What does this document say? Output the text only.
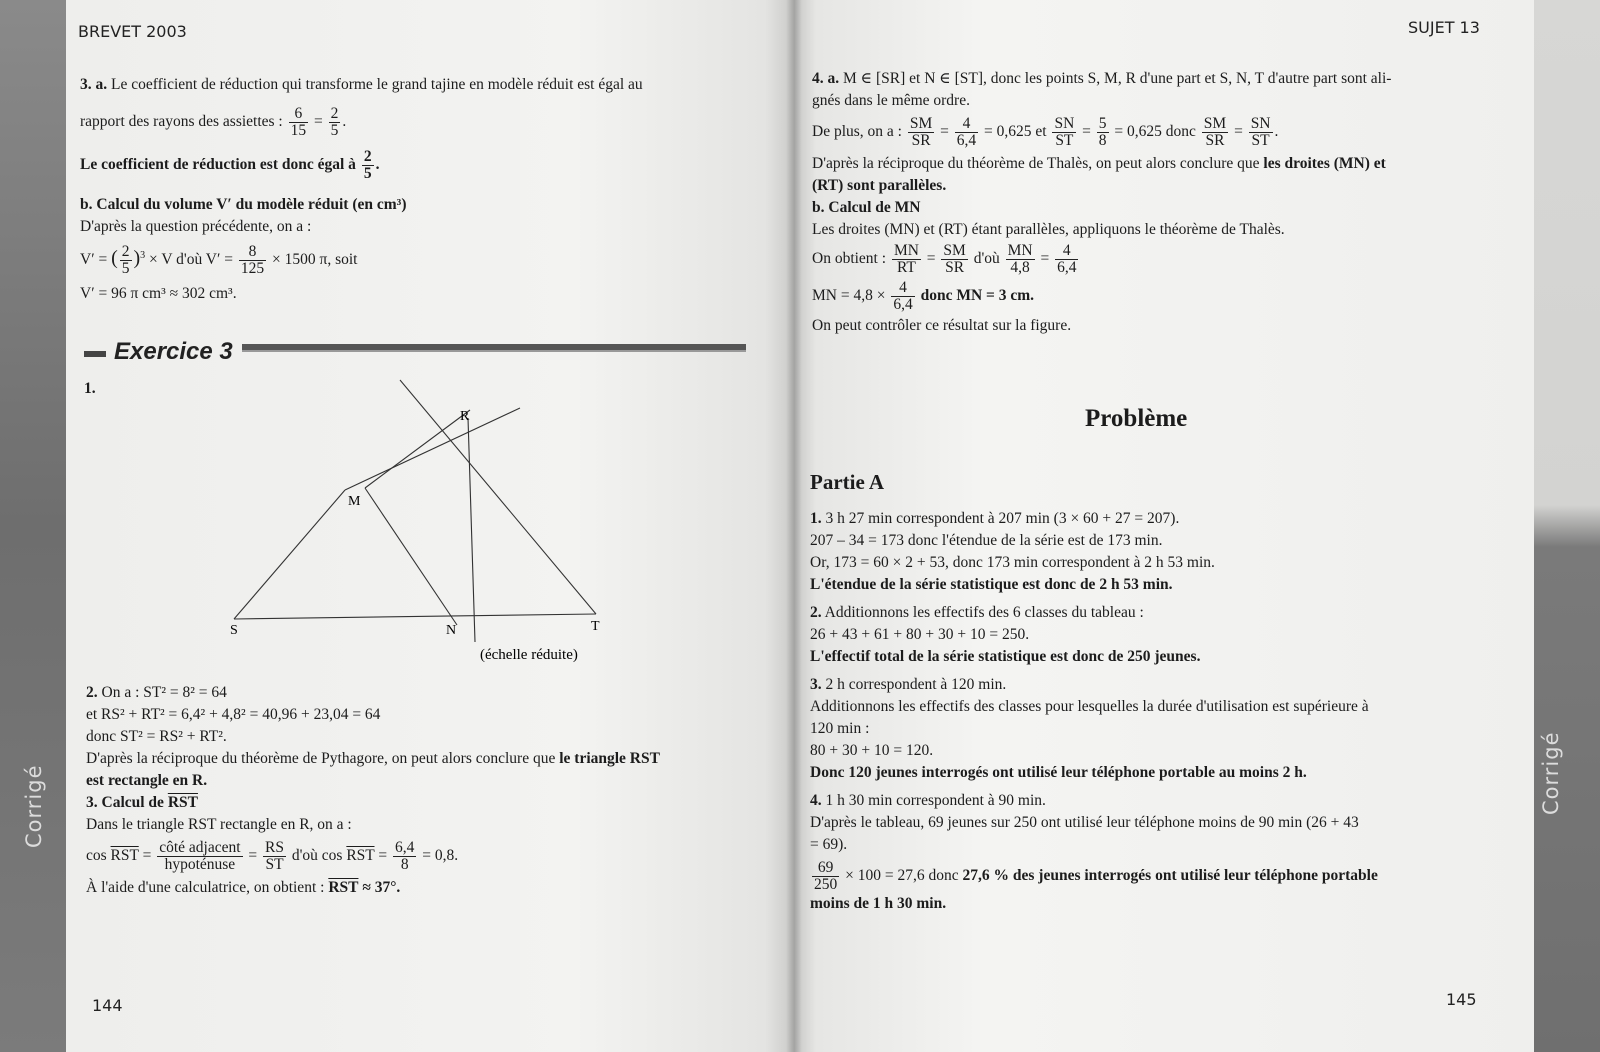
Corrigé	Corrigé
BREVET 2003
144
3. a. Le coefficient de réduction qui transforme le grand tajine en modèle réduit est égal au
rapport des rayons des assiettes : $\frac{6}{15} = \frac{2}{5}$ .
Le coefficient de réduction est donc égal à $\frac{2}{5}$ .
b. Calcul du volume V′ du modèle réduit (en cm³)
D'après la question précédente, on a :
V′ = ( $\frac{2}{5} )^3 \times V$ d'où $V' = \frac{8}{125} \times 1500$ π, soit
V′ = 96 π cm³ ≈ 302 cm³.
Exercice 3
1.
R
M
S	N	T
(échelle réduite)
2. On a : ST² = 8² = 64
et RS² + RT² = 6,4² + 4,8² = 40,96 + 23,04 = 64
donc ST² = RS² + RT².
D'après la réciproque du théorème de Pythagore, on peut alors conclure que le triangle RST
est rectangle en R.
3. Calcul de $\overline{RST}$
Dans le triangle RST rectangle en R, on a :
$\cos \overline{RST} = \frac{\text{côté adjacent}}{\text{hypoténuse}} = \frac{RS}{ST}$ d'où $\cos \overline{RST} = \frac{6,4}{8} = 0,8$.
À l'aide d'une calculatrice, on obtient : $\overline{RST} \approx 37^\circ$.
SUJET 13
145
4. a. M ∈ [SR] et N ∈ [ST], donc les points S, M, R d'une part et S, N, T d'autre part sont ali-
gnés dans le même ordre.
De plus, on a : $\frac{SM}{SR} = \frac{4}{6,4} = 0,625$ et $\frac{SN}{ST} = \frac{5}{8} = 0,625$ donc $\frac{SM}{SR} = \frac{SN}{ST}$ .
D'après la réciproque du théorème de Thalès, on peut alors conclure que les droites (MN) et
(RT) sont parallèles.
b. Calcul de MN
Les droites (MN) et (RT) étant parallèles, appliquons le théorème de Thalès.
On obtient : $\frac{MN}{RT} = \frac{SM}{SR}$ d'où $\frac{MN}{4,8} = \frac{4}{6,4}$
MN = $4,8 \times \frac{4}{6,4}$ donc MN = 3 cm.
On peut contrôler ce résultat sur la figure.
Problème
Partie A
1. 3 h 27 min correspondent à 207 min (3 × 60 + 27 = 207).
207 – 34 = 173 donc l'étendue de la série est de 173 min.
Or, 173 = 60 × 2 + 53, donc 173 min correspondent à 2 h 53 min.
L'étendue de la série statistique est donc de 2 h 53 min.
2. Additionnons les effectifs des 6 classes du tableau :
26 + 43 + 61 + 80 + 30 + 10 = 250.
L'effectif total de la série statistique est donc de 250 jeunes.
3. 2 h correspondent à 120 min.
Additionnons les effectifs des classes pour lesquelles la durée d'utilisation est supérieure à
120 min :
80 + 30 + 10 = 120.
Donc 120 jeunes interrogés ont utilisé leur téléphone portable au moins 2 h.
4. 1 h 30 min correspondent à 90 min.
D'après le tableau, 69 jeunes sur 250 ont utilisé leur téléphone moins de 90 min (26 + 43
= 69).
$\frac{69}{250} \times 100 = 27,6$ donc 27,6 % des jeunes interrogés ont utilisé leur téléphone portable
moins de 1 h 30 min.
